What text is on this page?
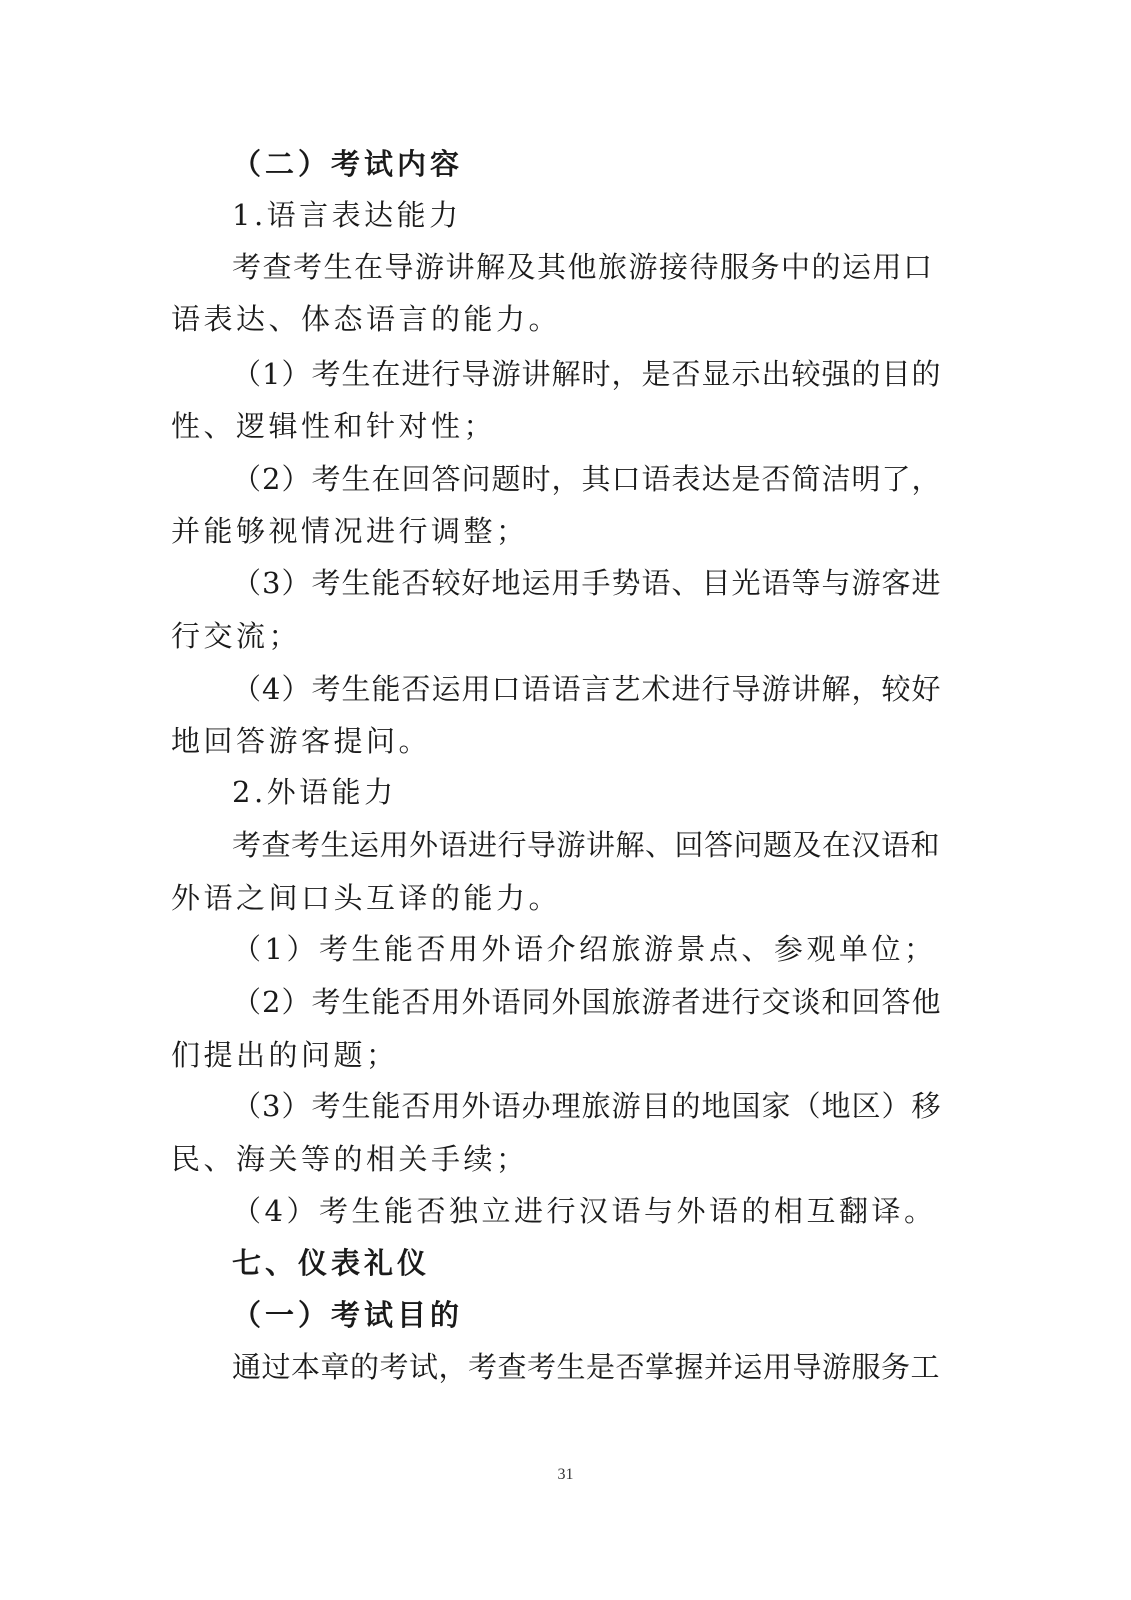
（二）考试内容
1.语言表达能力
考查考生在导游讲解及其他旅游接待服务中的运用口
语表达、体态语言的能力。
（1）考生在进行导游讲解时，是否显示出较强的目的
性、逻辑性和针对性；
（2）考生在回答问题时，其口语表达是否简洁明了，
并能够视情况进行调整；
（3）考生能否较好地运用手势语、目光语等与游客进
行交流；
（4）考生能否运用口语语言艺术进行导游讲解，较好
地回答游客提问。
2.外语能力
考查考生运用外语进行导游讲解、回答问题及在汉语和
外语之间口头互译的能力。
（1）考生能否用外语介绍旅游景点、参观单位；
（2）考生能否用外语同外国旅游者进行交谈和回答他
们提出的问题；
（3）考生能否用外语办理旅游目的地国家（地区）移
民、海关等的相关手续；
（4）考生能否独立进行汉语与外语的相互翻译。
七、仪表礼仪
（一）考试目的
通过本章的考试，考查考生是否掌握并运用导游服务工
31
